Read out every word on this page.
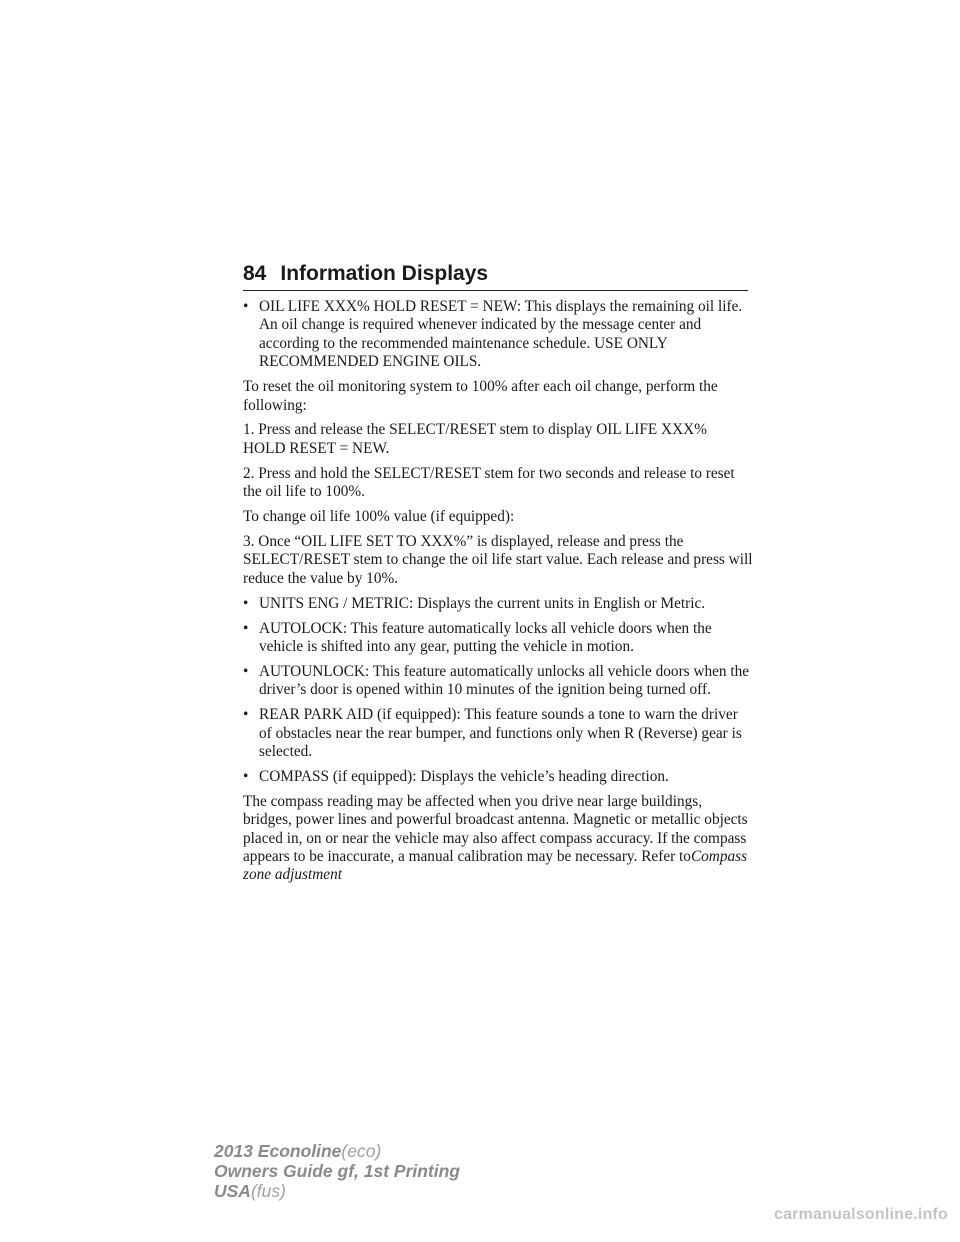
84 Information Displays
• OIL LIFE XXX% HOLD RESET = NEW: This displays the remaining oil life. An oil change is required whenever indicated by the message center and according to the recommended maintenance schedule. USE ONLY RECOMMENDED ENGINE OILS.

To reset the oil monitoring system to 100% after each oil change, perform the following:

1. Press and release the SELECT/RESET stem to display OIL LIFE XXX% HOLD RESET = NEW.

2. Press and hold the SELECT/RESET stem for two seconds and release to reset the oil life to 100%.

To change oil life 100% value (if equipped):

3. Once “OIL LIFE SET TO XXX%” is displayed, release and press the SELECT/RESET stem to change the oil life start value. Each release and press will reduce the value by 10%.

• UNITS ENG / METRIC: Displays the current units in English or Metric.
• AUTOLOCK: This feature automatically locks all vehicle doors when the vehicle is shifted into any gear, putting the vehicle in motion.
• AUTOUNLOCK: This feature automatically unlocks all vehicle doors when the driver’s door is opened within 10 minutes of the ignition being turned off.
• REAR PARK AID (if equipped): This feature sounds a tone to warn the driver of obstacles near the rear bumper, and functions only when R (Reverse) gear is selected.
• COMPASS (if equipped): Displays the vehicle’s heading direction.

The compass reading may be affected when you drive near large buildings, bridges, power lines and powerful broadcast antenna. Magnetic or metallic objects placed in, on or near the vehicle may also affect compass accuracy. If the compass appears to be inaccurate, a manual calibration may be necessary. Refer toCompass zone adjustment

2013 Econoline(eco)
Owners Guide gf, 1st Printing
USA(fus)
carmanualsonline.info
